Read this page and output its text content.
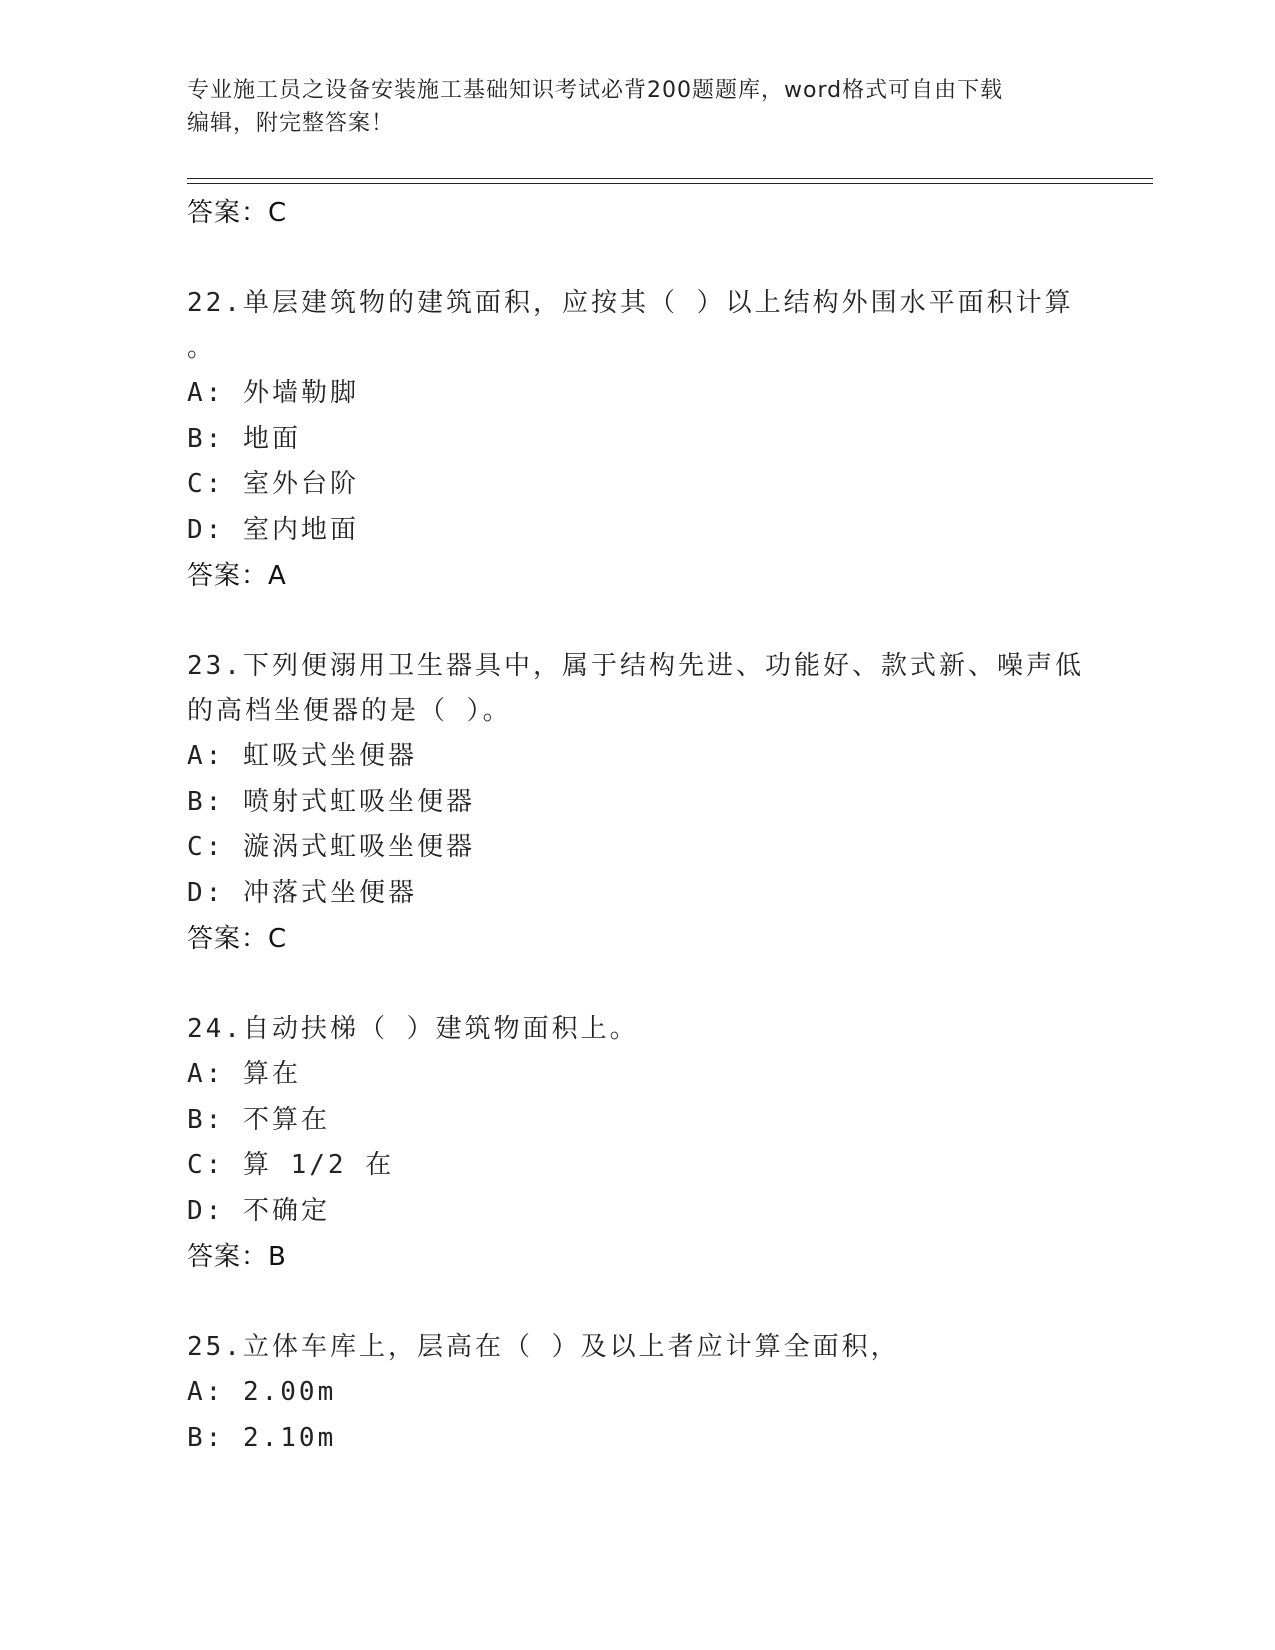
专业施工员之设备安装施工基础知识考试必背200题题库，word格式可自由下载
编辑，附完整答案！
答案：C
22.单层建筑物的建筑面积，应按其（ ）以上结构外围水平面积计算
。
A: 外墙勒脚
B: 地面
C: 室外台阶
D: 室内地面
答案：A
23.下列便溺用卫生器具中，属于结构先进、功能好、款式新、噪声低
的高档坐便器的是（ ）。
A: 虹吸式坐便器
B: 喷射式虹吸坐便器
C: 漩涡式虹吸坐便器
D: 冲落式坐便器
答案：C
24.自动扶梯（ ）建筑物面积上。
A: 算在
B: 不算在
C: 算 1/2 在
D: 不确定
答案：B
25.立体车库上，层高在（ ）及以上者应计算全面积，
A: 2.00m
B: 2.10m
